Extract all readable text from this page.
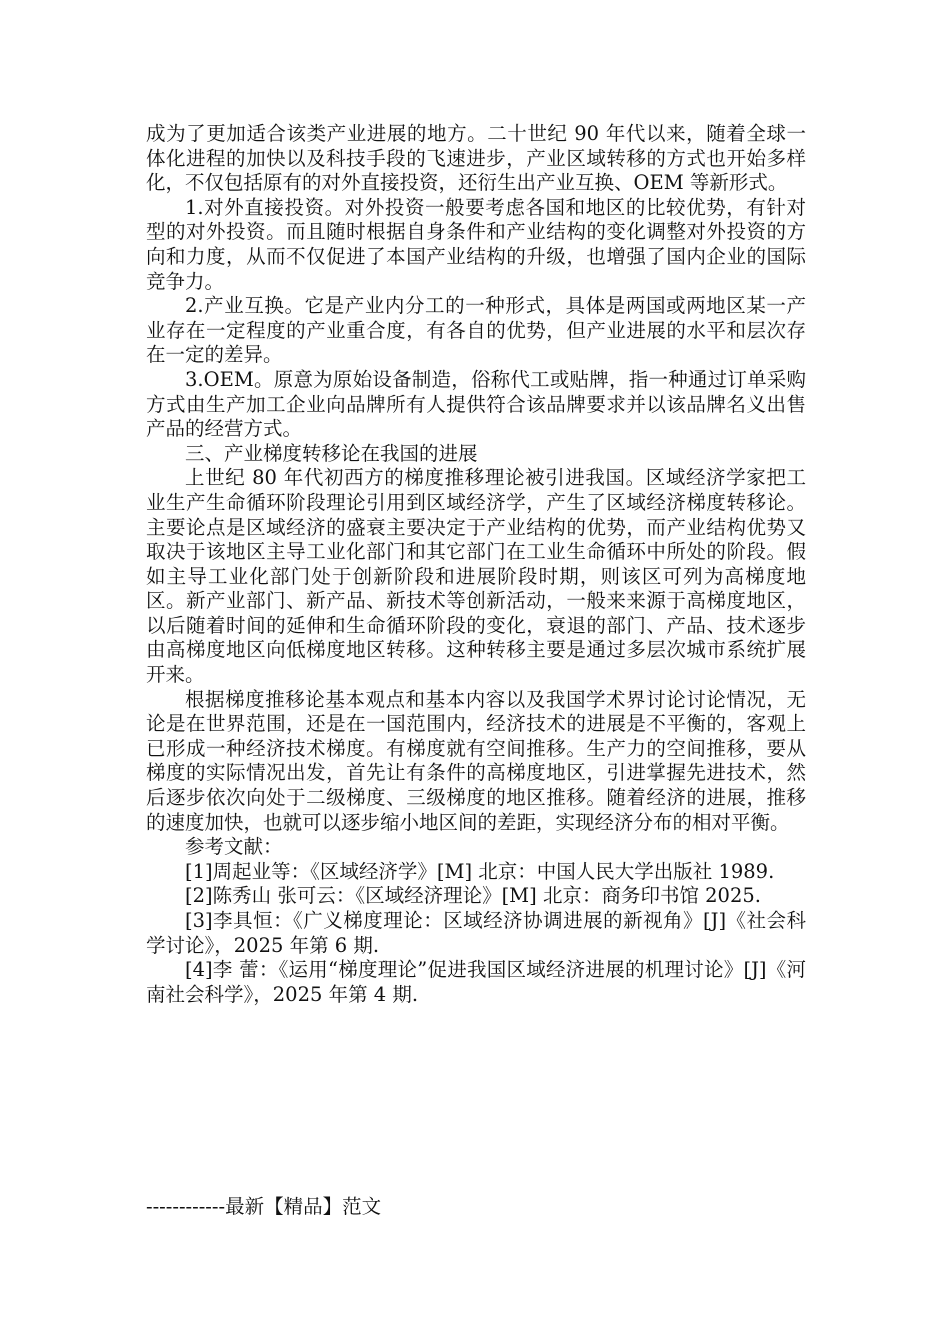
成为了更加适合该类产业进展的地方。二十世纪 90 年代以来，随着全球一体化进程的加快以及科技手段的飞速进步，产业区域转移的方式也开始多样化，不仅包括原有的对外直接投资，还衍生出产业互换、OEM 等新形式。

1.对外直接投资。对外投资一般要考虑各国和地区的比较优势，有针对型的对外投资。而且随时根据自身条件和产业结构的变化调整对外投资的方向和力度，从而不仅促进了本国产业结构的升级，也增强了国内企业的国际竞争力。

2.产业互换。它是产业内分工的一种形式，具体是两国或两地区某一产业存在一定程度的产业重合度，有各自的优势，但产业进展的水平和层次存在一定的差异。

3.OEM。原意为原始设备制造，俗称代工或贴牌，指一种通过订单采购方式由生产加工企业向品牌所有人提供符合该品牌要求并以该品牌名义出售产品的经营方式。

三、产业梯度转移论在我国的进展

上世纪 80 年代初西方的梯度推移理论被引进我国。区域经济学家把工业生产生命循环阶段理论引用到区域经济学，产生了区域经济梯度转移论。主要论点是区域经济的盛衰主要决定于产业结构的优势，而产业结构优势又取决于该地区主导工业化部门和其它部门在工业生命循环中所处的阶段。假如主导工业化部门处于创新阶段和进展阶段时期，则该区可列为高梯度地区。新产业部门、新产品、新技术等创新活动，一般来来源于高梯度地区，以后随着时间的延伸和生命循环阶段的变化，衰退的部门、产品、技术逐步由高梯度地区向低梯度地区转移。这种转移主要是通过多层次城市系统扩展开来。

根据梯度推移论基本观点和基本内容以及我国学术界讨论讨论情况，无论是在世界范围，还是在一国范围内，经济技术的进展是不平衡的，客观上已形成一种经济技术梯度。有梯度就有空间推移。生产力的空间推移，要从梯度的实际情况出发，首先让有条件的高梯度地区，引进掌握先进技术，然后逐步依次向处于二级梯度、三级梯度的地区推移。随着经济的进展，推移的速度加快，也就可以逐步缩小地区间的差距，实现经济分布的相对平衡。

参考文献：

[1]周起业等：《区域经济学》[M] 北京：中国人民大学出版社 1989.

[2]陈秀山 张可云：《区域经济理论》[M] 北京：商务印书馆 2025.

[3]李具恒：《广义梯度理论：区域经济协调进展的新视角》[J]《社会科学讨论》，2025 年第 6 期.

[4]李 蕾：《运用“梯度理论”促进我国区域经济进展的机理讨论》[J]《河南社会科学》，2025 年第 4 期.

------------最新【精品】范文
